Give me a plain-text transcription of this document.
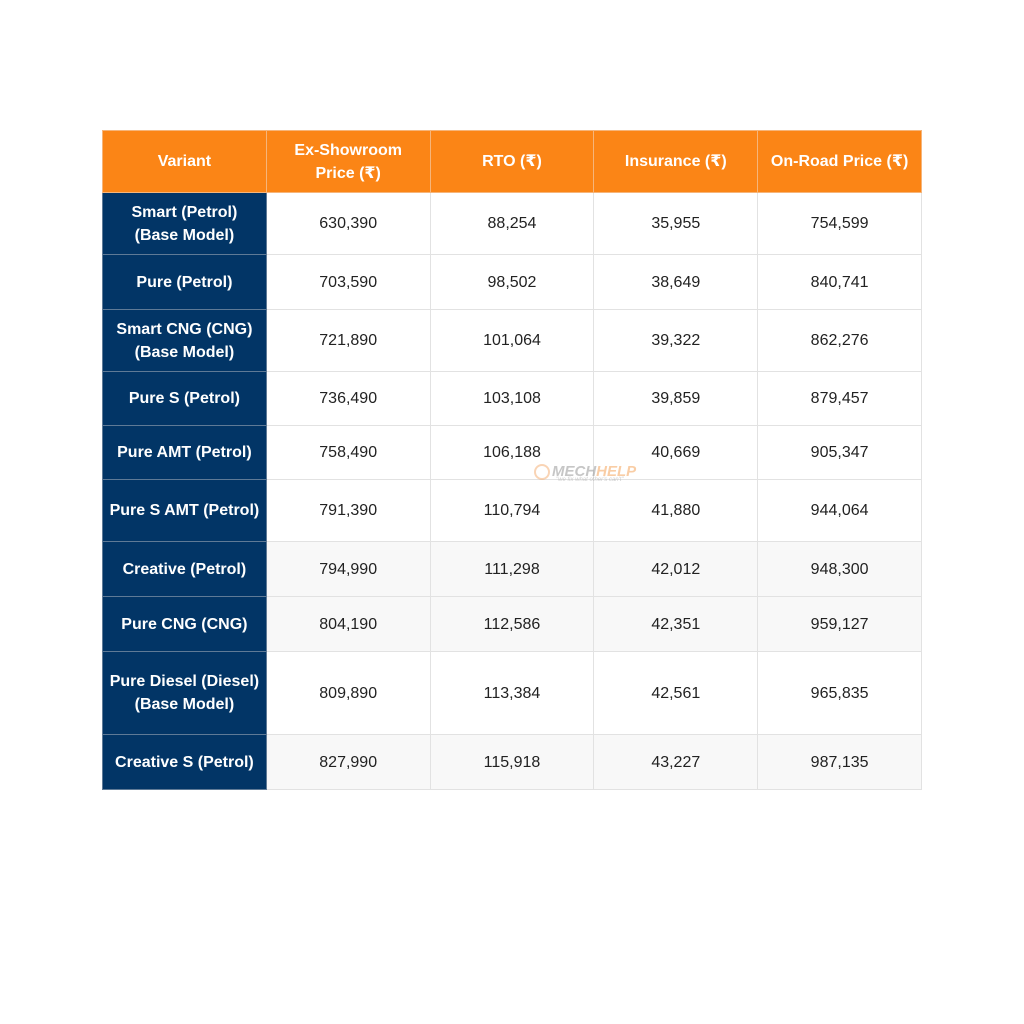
Variant	Ex-Showroom Price (₹)	RTO (₹)	Insurance (₹)	On-Road Price (₹)
Smart (Petrol) (Base Model)	630,390	88,254	35,955	754,599
Pure (Petrol)	703,590	98,502	38,649	840,741
Smart CNG (CNG) (Base Model)	721,890	101,064	39,322	862,276
Pure S (Petrol)	736,490	103,108	39,859	879,457
Pure AMT (Petrol)	758,490	106,188	40,669	905,347
Pure S AMT (Petrol)	791,390	110,794	41,880	944,064
Creative (Petrol)	794,990	111,298	42,012	948,300
Pure CNG (CNG)	804,190	112,586	42,351	959,127
Pure Diesel (Diesel) (Base Model)	809,890	113,384	42,561	965,835
Creative S (Petrol)	827,990	115,918	43,227	987,135
MECHHELP
"we fix what other's can't"
